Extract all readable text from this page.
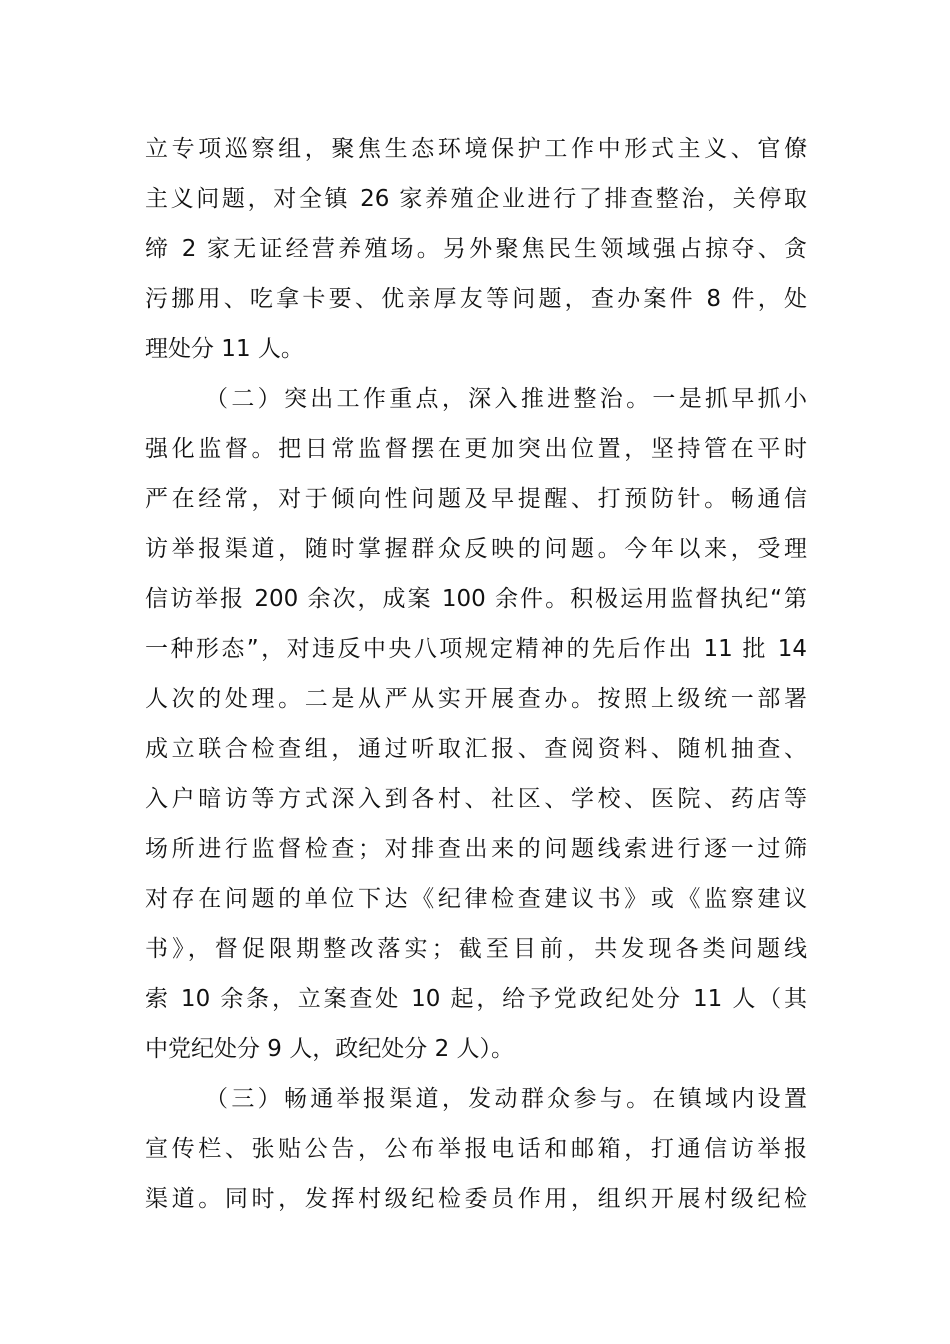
立专项巡察组，聚焦生态环境保护工作中形式主义、官僚
主义问题，对全镇 26 家养殖企业进行了排查整治，关停取
缔 2 家无证经营养殖场。另外聚焦民生领域强占掠夺、贪
污挪用、吃拿卡要、优亲厚友等问题，查办案件 8 件，处
理处分 11 人。
（二）突出工作重点，深入推进整治。一是抓早抓小
强化监督。把日常监督摆在更加突出位置，坚持管在平时
严在经常，对于倾向性问题及早提醒、打预防针。畅通信
访举报渠道，随时掌握群众反映的问题。今年以来，受理
信访举报 200 余次，成案 100 余件。积极运用监督执纪“第
一种形态”，对违反中央八项规定精神的先后作出 11 批 14
人次的处理。二是从严从实开展查办。按照上级统一部署
成立联合检查组，通过听取汇报、查阅资料、随机抽查、
入户暗访等方式深入到各村、社区、学校、医院、药店等
场所进行监督检查；对排查出来的问题线索进行逐一过筛
对存在问题的单位下达《纪律检查建议书》或《监察建议
书》，督促限期整改落实；截至目前，共发现各类问题线
索 10 余条，立案查处 10 起，给予党政纪处分 11 人（其
中党纪处分 9 人，政纪处分 2 人）。
（三）畅通举报渠道，发动群众参与。在镇域内设置
宣传栏、张贴公告，公布举报电话和邮箱，打通信访举报
渠道。同时，发挥村级纪检委员作用，组织开展村级纪检
